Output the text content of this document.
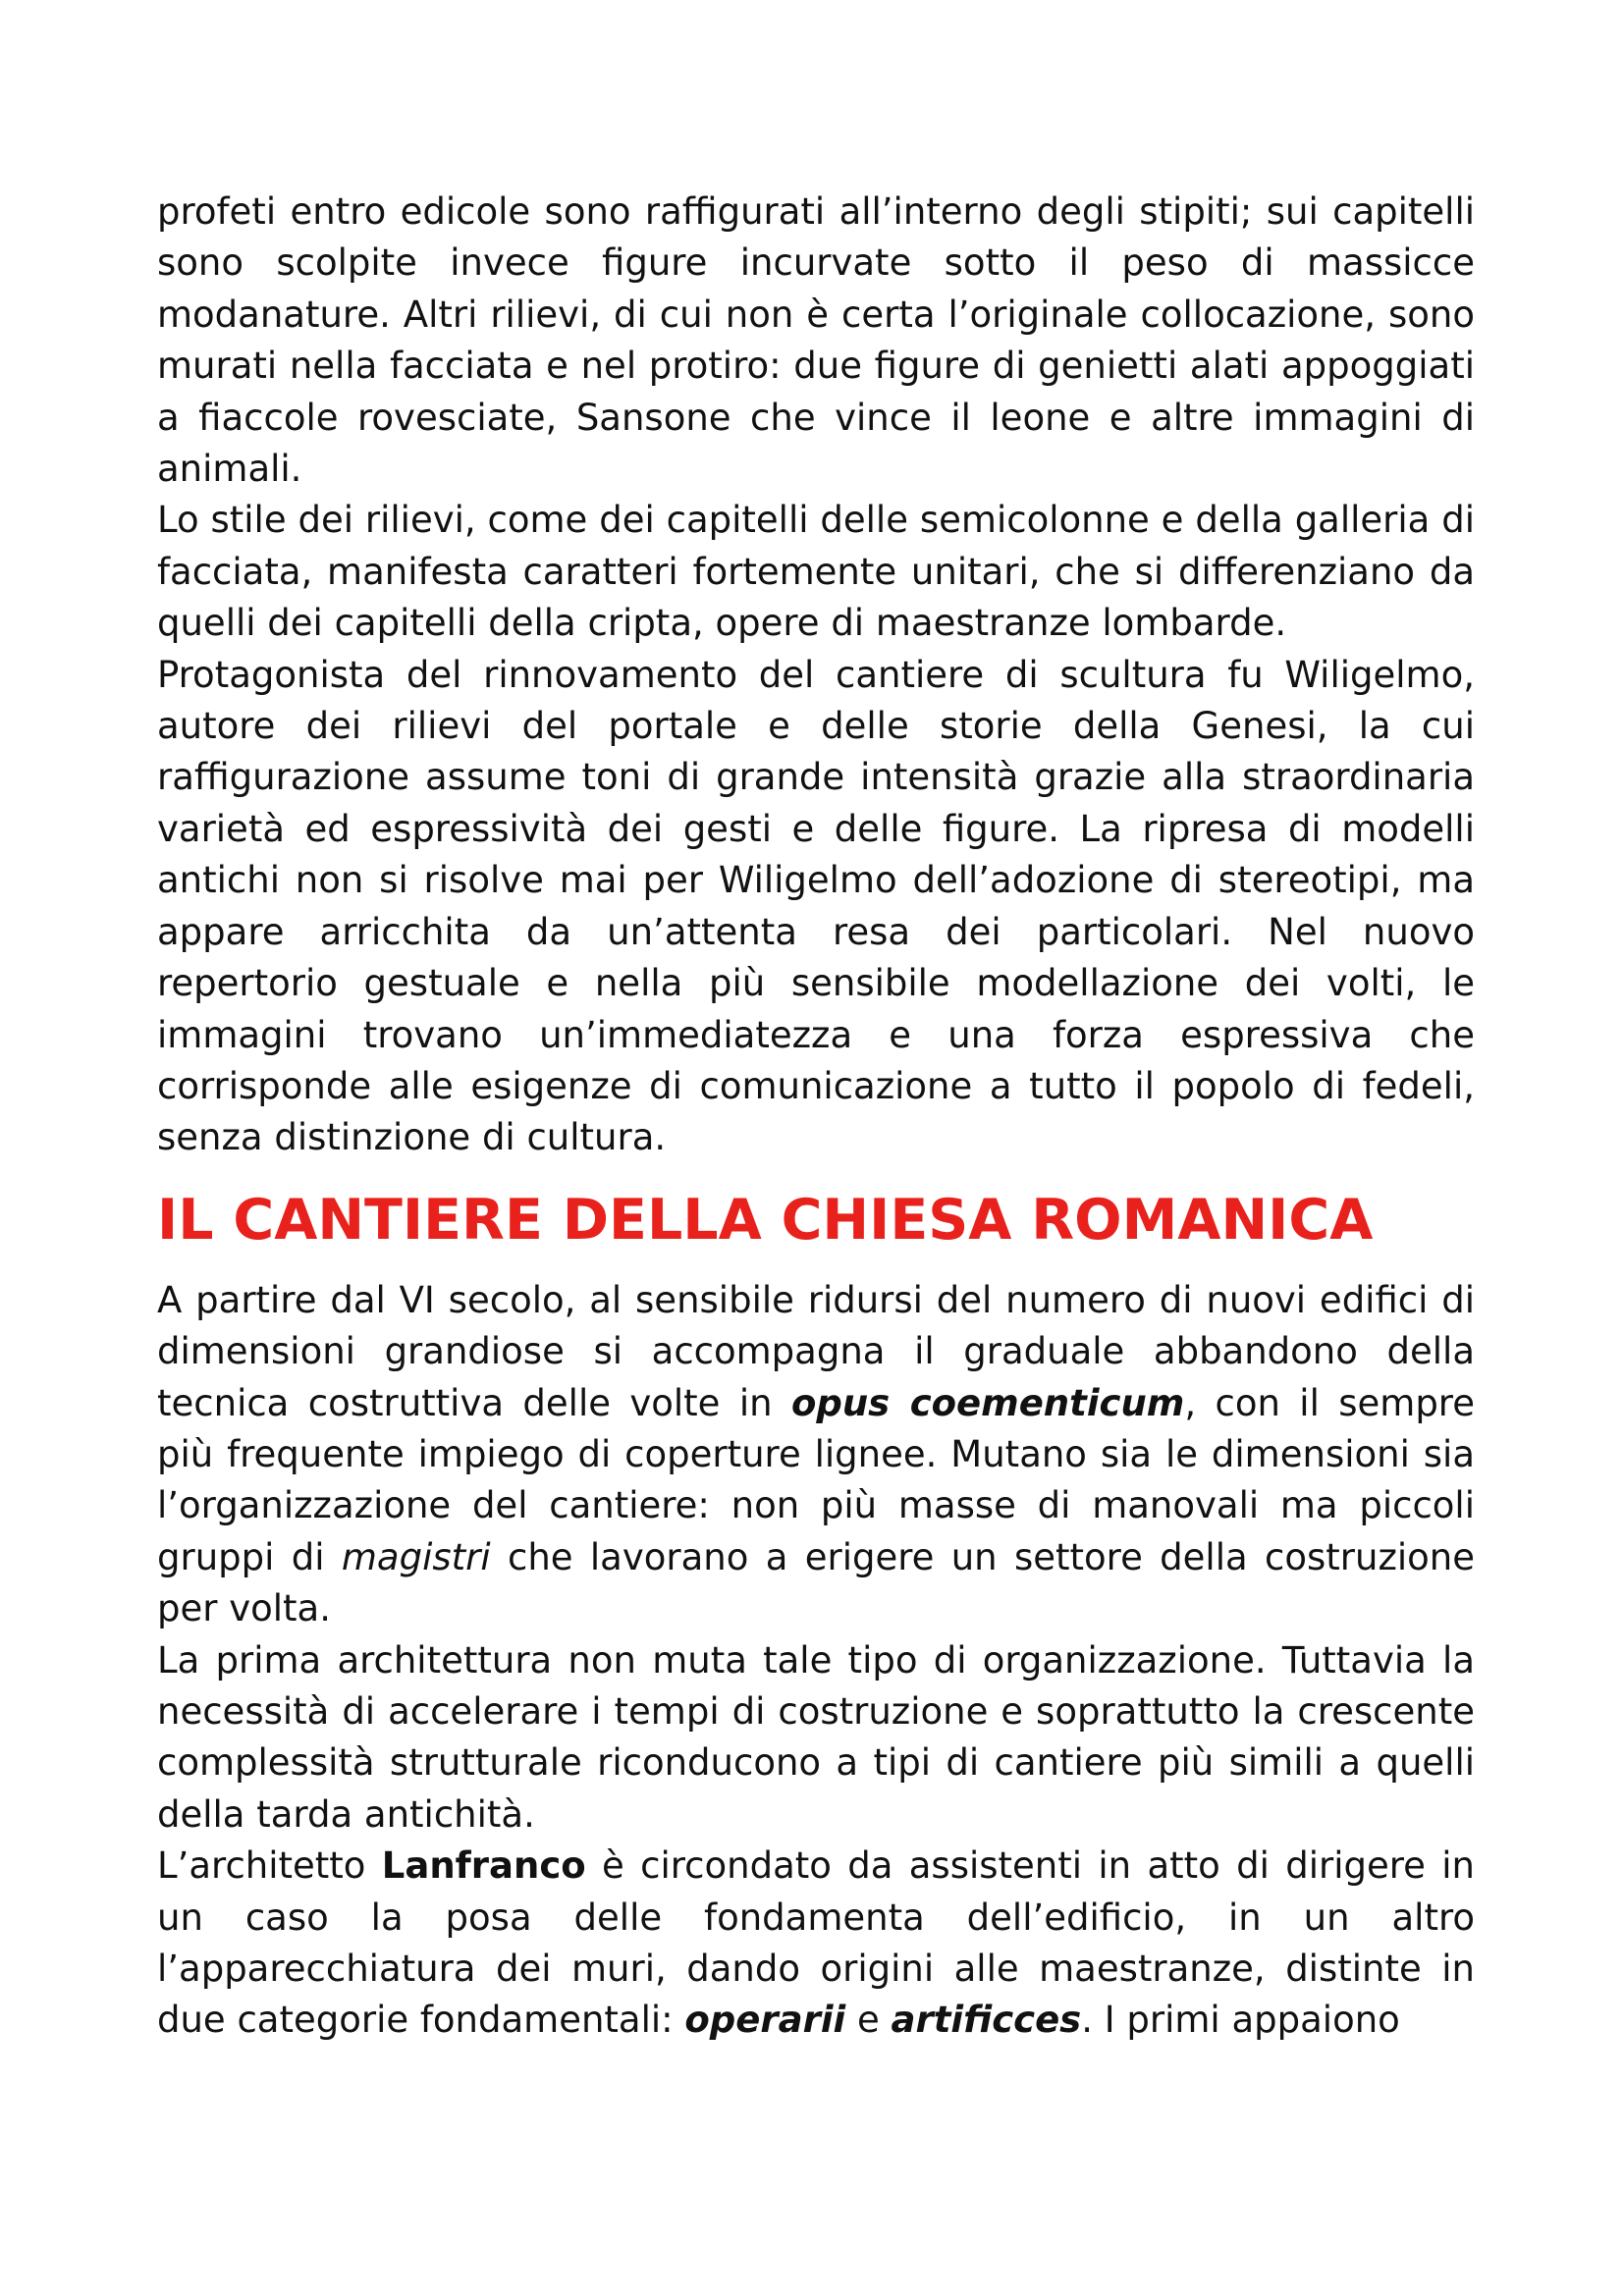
profeti entro edicole sono raffigurati all’interno degli stipiti; sui capitelli sono scolpite invece figure incurvate sotto il peso di massicce modanature. Altri rilievi, di cui non è certa l’originale collocazione, sono murati nella facciata e nel protiro: due figure di genietti alati appoggiati a fiaccole rovesciate, Sansone che vince il leone e altre immagini di animali.

Lo stile dei rilievi, come dei capitelli delle semicolonne e della galleria di facciata, manifesta caratteri fortemente unitari, che si differenziano da quelli dei capitelli della cripta, opere di maestranze lombarde.

Protagonista del rinnovamento del cantiere di scultura fu Wiligelmo, autore dei rilievi del portale e delle storie della Genesi, la cui raffigurazione assume toni di grande intensità grazie alla straordinaria varietà ed espressività dei gesti e delle figure. La ripresa di modelli antichi non si risolve mai per Wiligelmo dell’adozione di stereotipi, ma appare arricchita da un’attenta resa dei particolari. Nel nuovo repertorio gestuale e nella più sensibile modellazione dei volti, le immagini trovano un’immediatezza e una forza espressiva che corrisponde alle esigenze di comunicazione a tutto il popolo di fedeli, senza distinzione di cultura.

IL CANTIERE DELLA CHIESA ROMANICA

A partire dal VI secolo, al sensibile ridursi del numero di nuovi edifici di dimensioni grandiose si accompagna il graduale abbandono della tecnica costruttiva delle volte in opus coementicum, con il sempre più frequente impiego di coperture lignee. Mutano sia le dimensioni sia l’organizzazione del cantiere: non più masse di manovali ma piccoli gruppi di magistri che lavorano a erigere un settore della costruzione per volta.

La prima architettura non muta tale tipo di organizzazione. Tuttavia la necessità di accelerare i tempi di costruzione e soprattutto la crescente complessità strutturale riconducono a tipi di cantiere più simili a quelli della tarda antichità.

L’architetto Lanfranco è circondato da assistenti in atto di dirigere in un caso la posa delle fondamenta dell’edificio, in un altro l’apparecchiatura dei muri, dando origini alle maestranze, distinte in due categorie fondamentali: operarii e artificces. I primi appaiono
